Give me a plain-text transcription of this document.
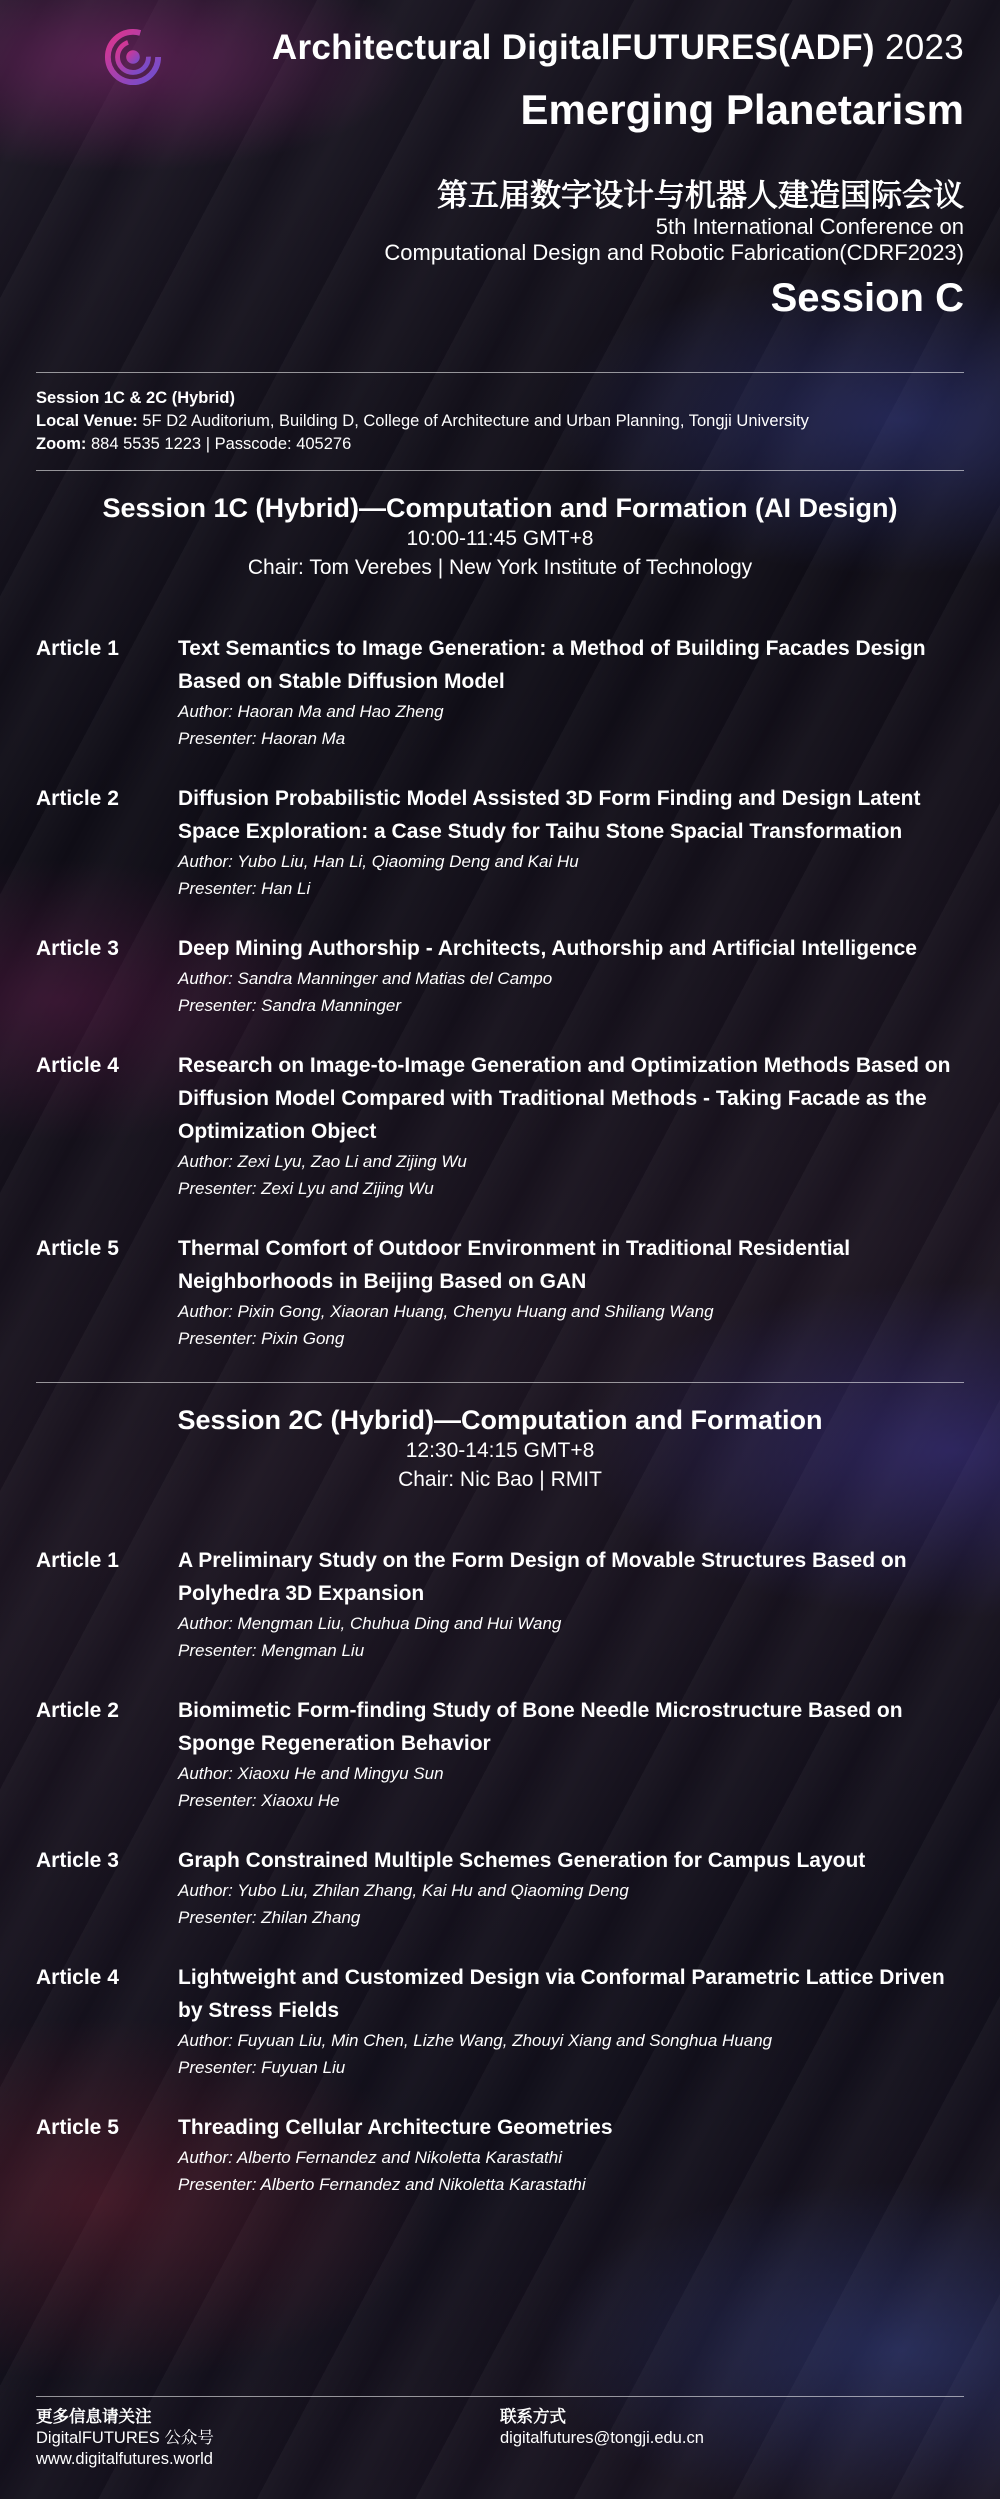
Architectural DigitalFUTURES(ADF) 2023
Emerging Planetarism
第五届数字设计与机器人建造国际会议
5th International Conference on
Computational Design and Robotic Fabrication(CDRF2023)
Session C
Session 1C & 2C (Hybrid)
Local Venue: 5F D2 Auditorium, Building D, College of Architecture and Urban Planning, Tongji University
Zoom: 884 5535 1223 | Passcode: 405276
Session 1C (Hybrid)—Computation and Formation (AI Design)
10:00-11:45 GMT+8
Chair: Tom Verebes | New York Institute of Technology
Article 1	Text Semantics to Image Generation: a Method of Building Facades Design Based on Stable Diffusion Model
Author: Haoran Ma and Hao Zheng
Presenter: Haoran Ma
Article 2	Diffusion Probabilistic Model Assisted 3D Form Finding and Design Latent Space Exploration: a Case Study for Taihu Stone Spacial Transformation
Author: Yubo Liu, Han Li, Qiaoming Deng and Kai Hu
Presenter: Han Li
Article 3	Deep Mining Authorship - Architects, Authorship and Artificial Intelligence
Author: Sandra Manninger and Matias del Campo
Presenter: Sandra Manninger
Article 4	Research on Image-to-Image Generation and Optimization Methods Based on Diffusion Model Compared with Traditional Methods - Taking Facade as the Optimization Object
Author: Zexi Lyu, Zao Li and Zijing Wu
Presenter: Zexi Lyu and Zijing Wu
Article 5	Thermal Comfort of Outdoor Environment in Traditional Residential Neighborhoods in Beijing Based on GAN
Author: Pixin Gong, Xiaoran Huang, Chenyu Huang and Shiliang Wang
Presenter: Pixin Gong
Session 2C (Hybrid)—Computation and Formation
12:30-14:15 GMT+8
Chair: Nic Bao | RMIT
Article 1	A Preliminary Study on the Form Design of Movable Structures Based on Polyhedra 3D Expansion
Author: Mengman Liu, Chuhua Ding and Hui Wang
Presenter: Mengman Liu
Article 2	Biomimetic Form-finding Study of Bone Needle Microstructure Based on Sponge Regeneration Behavior
Author: Xiaoxu He and Mingyu Sun
Presenter: Xiaoxu He
Article 3	Graph Constrained Multiple Schemes Generation for Campus Layout
Author: Yubo Liu, Zhilan Zhang, Kai Hu and Qiaoming Deng
Presenter: Zhilan Zhang
Article 4	Lightweight and Customized Design via Conformal Parametric Lattice Driven by Stress Fields
Author: Fuyuan Liu, Min Chen, Lizhe Wang, Zhouyi Xiang and Songhua Huang
Presenter: Fuyuan Liu
Article 5	Threading Cellular Architecture Geometries
Author: Alberto Fernandez and Nikoletta Karastathi
Presenter: Alberto Fernandez and Nikoletta Karastathi
更多信息请关注
DigitalFUTURES 公众号
www.digitalfutures.world
联系方式
digitalfutures@tongji.edu.cn
